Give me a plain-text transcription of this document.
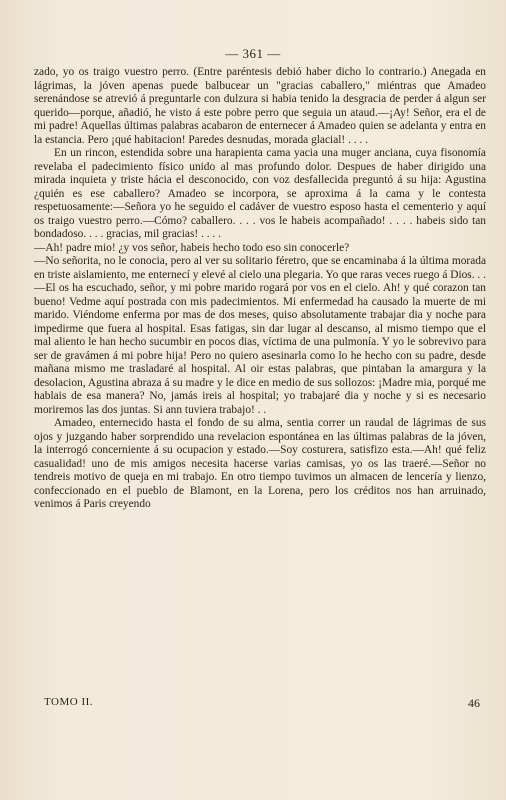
— 361 —

zado, yo os traigo vuestro perro. (Entre paréntesis debió haber dicho lo contrario.) Anegada en lágrimas, la jóven apenas puede balbucear un "gracias caballero," miéntras que Amadeo serenándose se atrevió á preguntarle con dulzura si habia tenido la desgracia de perder á algun ser querido—porque, añadió, he visto á este pobre perro que seguia un ataud.—¡Ay! Señor, era el de mi padre! Aquellas últimas palabras acabaron de enternecer á Amadeo quien se adelanta y entra en la estancia. Pero ¡qué habitacion! Paredes desnudas, morada glacial! . . . .

En un rincon, estendida sobre una harapienta cama yacia una muger anciana, cuya fisonomía revelaba el padecimiento físico unido al mas profundo dolor. Despues de haber dirigido una mirada inquieta y triste hácia el desconocido, con voz desfallecida preguntó á su hija: Agustina ¿quién es ese caballero? Amadeo se incorpora, se aproxima á la cama y le contesta respetuosamente:—Señora yo he seguido el cadáver de vuestro esposo hasta el cementerio y aquí os traigo vuestro perro.—Cómo? caballero. . . . vos le habeis acompañado! . . . . habeis sido tan bondadoso. . . . gracias, mil gracias! . . . .

—Ah! padre mio! ¿y vos señor, habeis hecho todo eso sin conocerle?

—No señorita, no le conocia, pero al ver su solitario féretro, que se encaminaba á la última morada en triste aislamiento, me enternecí y elevé al cielo una plegaria. Yo que raras veces ruego á Dios. . .

—El os ha escuchado, señor, y mi pobre marido rogará por vos en el cielo. Ah! y qué corazon tan bueno! Vedme aquí postrada con mis padecimientos. Mi enfermedad ha causado la muerte de mi marido. Viéndome enferma por mas de dos meses, quiso absolutamente trabajar dia y noche para impedirme que fuera al hospital. Esas fatigas, sin dar lugar al descanso, al mismo tiempo que el mal aliento le han hecho sucumbir en pocos dias, víctima de una pulmonía. Y yo le sobrevivo para ser de gravámen á mi pobre hija! Pero no quiero asesinarla como lo he hecho con su padre, desde mañana mismo me trasladaré al hospital. Al oir estas palabras, que pintaban la amargura y la desolacion, Agustina abraza á su madre y le dice en medio de sus sollozos: ¡Madre mia, porqué me hablais de esa manera? No, jamás ireis al hospital; yo trabajaré dia y noche y si es necesario moriremos las dos juntas. Si ann tuviera trabajo! . .

Amadeo, enternecido hasta el fondo de su alma, sentia correr un raudal de lágrimas de sus ojos y juzgando haber sorprendido una revelacion espontánea en las últimas palabras de la jóven, la interrogó concerniente á su ocupacion y estado.—Soy costurera, satisfizo esta.—Ah! qué feliz casualidad! uno de mis amigos necesita hacerse varias camisas, yo os las traeré.—Señor no tendreis motivo de queja en mi trabajo. En otro tiempo tuvimos un almacen de lencería y lienzo, confeccionado en el pueblo de Blamont, en la Lorena, pero los créditos nos han arruinado, venimos á Paris creyendo

TOMO II.	46
